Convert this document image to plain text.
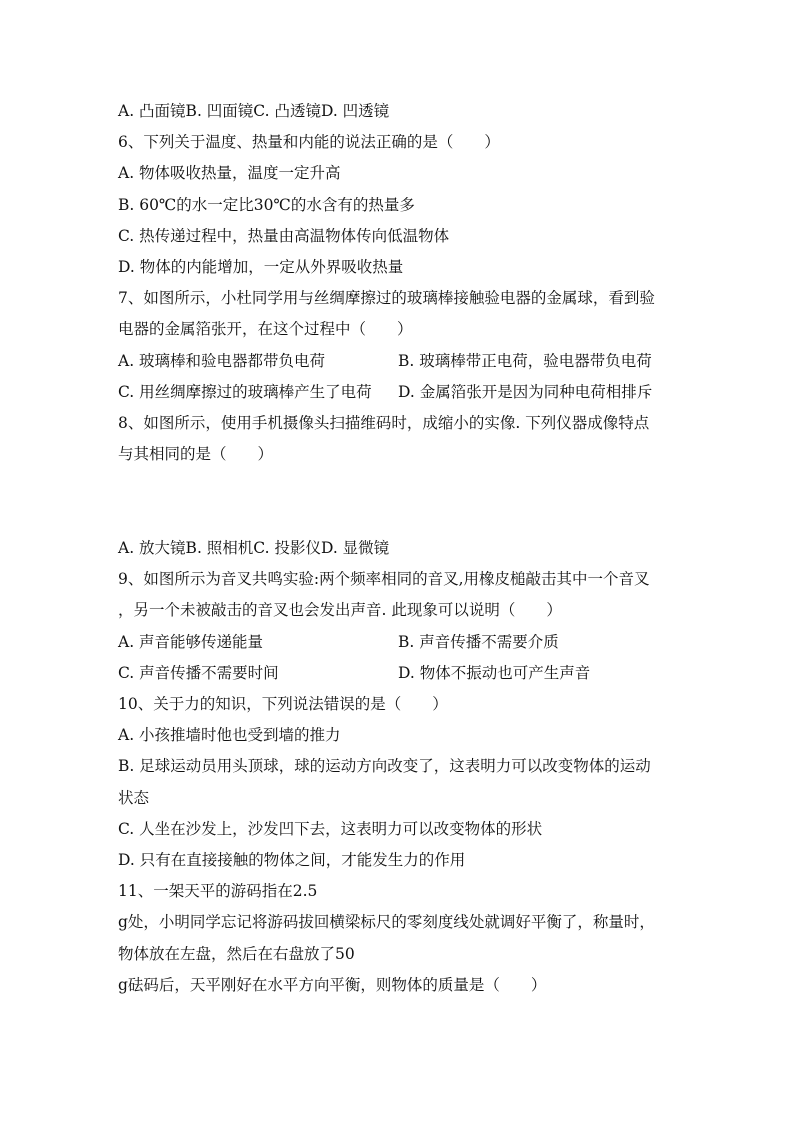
A. 凸面镜B. 凹面镜C. 凸透镜D. 凹透镜
6、下列关于温度、热量和内能的说法正确的是（　　）
A. 物体吸收热量，温度一定升高
B. 60℃的水一定比30℃的水含有的热量多
C. 热传递过程中，热量由高温物体传向低温物体
D. 物体的内能增加，一定从外界吸收热量
7、如图所示，小杜同学用与丝绸摩擦过的玻璃棒接触验电器的金属球，看到验
电器的金属箔张开，在这个过程中（　　）
A. 玻璃棒和验电器都带负电荷	B. 玻璃棒带正电荷，验电器带负电荷
C. 用丝绸摩擦过的玻璃棒产生了电荷 D. 金属箔张开是因为同种电荷相排斥
8、如图所示，使用手机摄像头扫描维码时，成缩小的实像. 下列仪器成像特点
与其相同的是（　　）
A. 放大镜B. 照相机C. 投影仪D. 显微镜
9、如图所示为音叉共鸣实验:两个频率相同的音叉,用橡皮槌敲击其中一个音叉
，另一个未被敲击的音叉也会发出声音. 此现象可以说明（　　）
A. 声音能够传递能量	B. 声音传播不需要介质
C. 声音传播不需要时间	D. 物体不振动也可产生声音
10、关于力的知识，下列说法错误的是（　　）
A. 小孩推墙时他也受到墙的推力
B. 足球运动员用头顶球，球的运动方向改变了，这表明力可以改变物体的运动
状态
C. 人坐在沙发上，沙发凹下去，这表明力可以改变物体的形状
D. 只有在直接接触的物体之间，才能发生力的作用
11、一架天平的游码指在2.5
g处，小明同学忘记将游码拔回横梁标尺的零刻度线处就调好平衡了，称量时，
物体放在左盘，然后在右盘放了50
g砝码后，天平刚好在水平方向平衡，则物体的质量是（　　）
